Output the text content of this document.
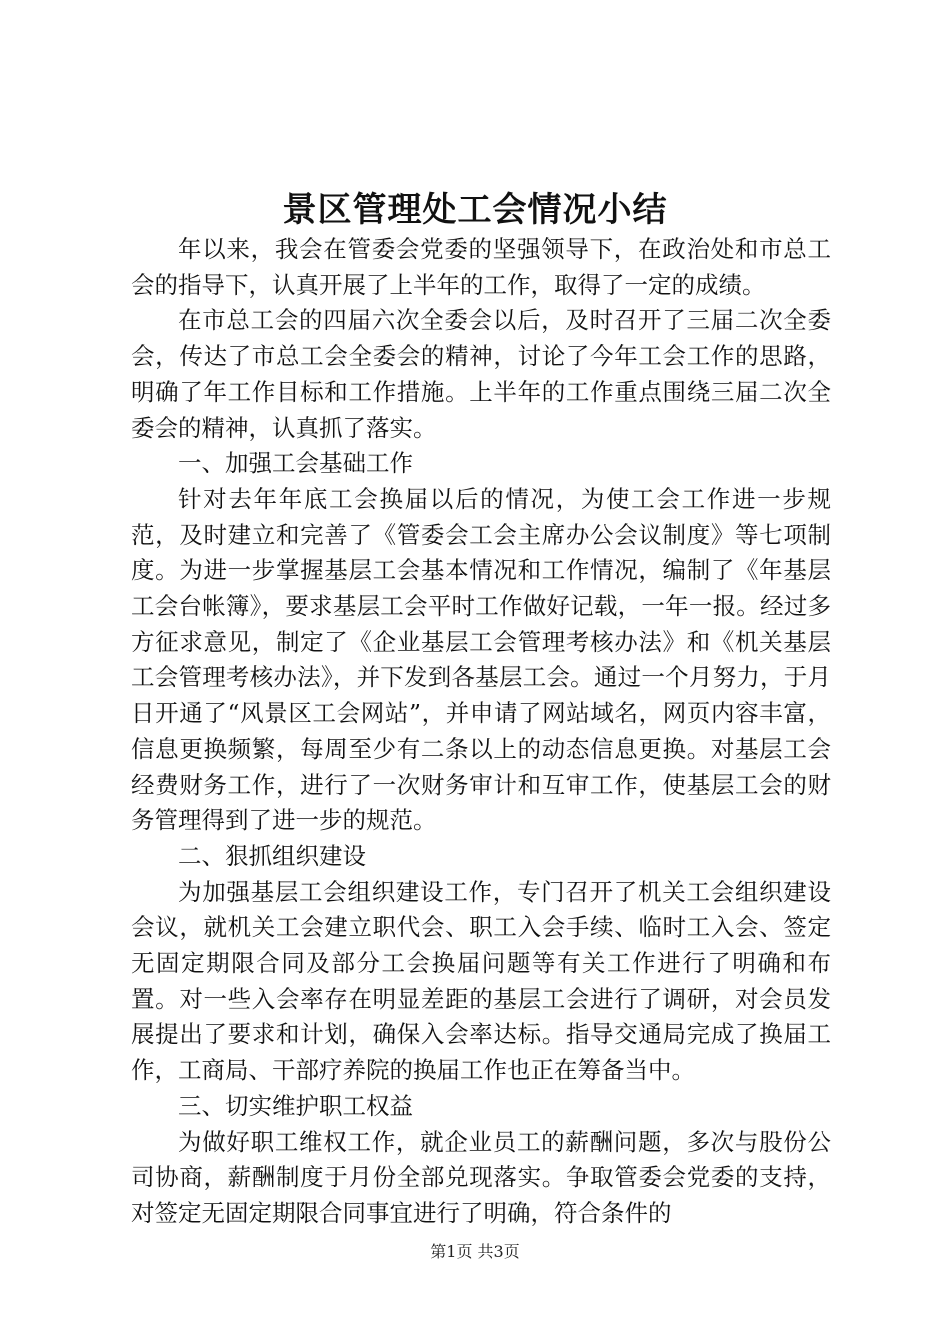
景区管理处工会情况小结

年以来，我会在管委会党委的坚强领导下，在政治处和市总工会的指导下，认真开展了上半年的工作，取得了一定的成绩。

在市总工会的四届六次全委会以后，及时召开了三届二次全委会，传达了市总工会全委会的精神，讨论了今年工会工作的思路，明确了年工作目标和工作措施。上半年的工作重点围绕三届二次全委会的精神，认真抓了落实。

一、加强工会基础工作

针对去年年底工会换届以后的情况，为使工会工作进一步规范，及时建立和完善了《管委会工会主席办公会议制度》等七项制度。为进一步掌握基层工会基本情况和工作情况，编制了《年基层工会台帐簿》，要求基层工会平时工作做好记载，一年一报。经过多方征求意见，制定了《企业基层工会管理考核办法》和《机关基层工会管理考核办法》，并下发到各基层工会。通过一个月努力，于月日开通了“风景区工会网站”，并申请了网站域名，网页内容丰富，信息更换频繁，每周至少有二条以上的动态信息更换。对基层工会经费财务工作，进行了一次财务审计和互审工作，使基层工会的财务管理得到了进一步的规范。

二、狠抓组织建设

为加强基层工会组织建设工作，专门召开了机关工会组织建设会议，就机关工会建立职代会、职工入会手续、临时工入会、签定无固定期限合同及部分工会换届问题等有关工作进行了明确和布置。对一些入会率存在明显差距的基层工会进行了调研，对会员发展提出了要求和计划，确保入会率达标。指导交通局完成了换届工作，工商局、干部疗养院的换届工作也正在筹备当中。

三、切实维护职工权益

为做好职工维权工作，就企业员工的薪酬问题，多次与股份公司协商，薪酬制度于月份全部兑现落实。争取管委会党委的支持，对签定无固定期限合同事宜进行了明确，符合条件的

第1页 共3页
